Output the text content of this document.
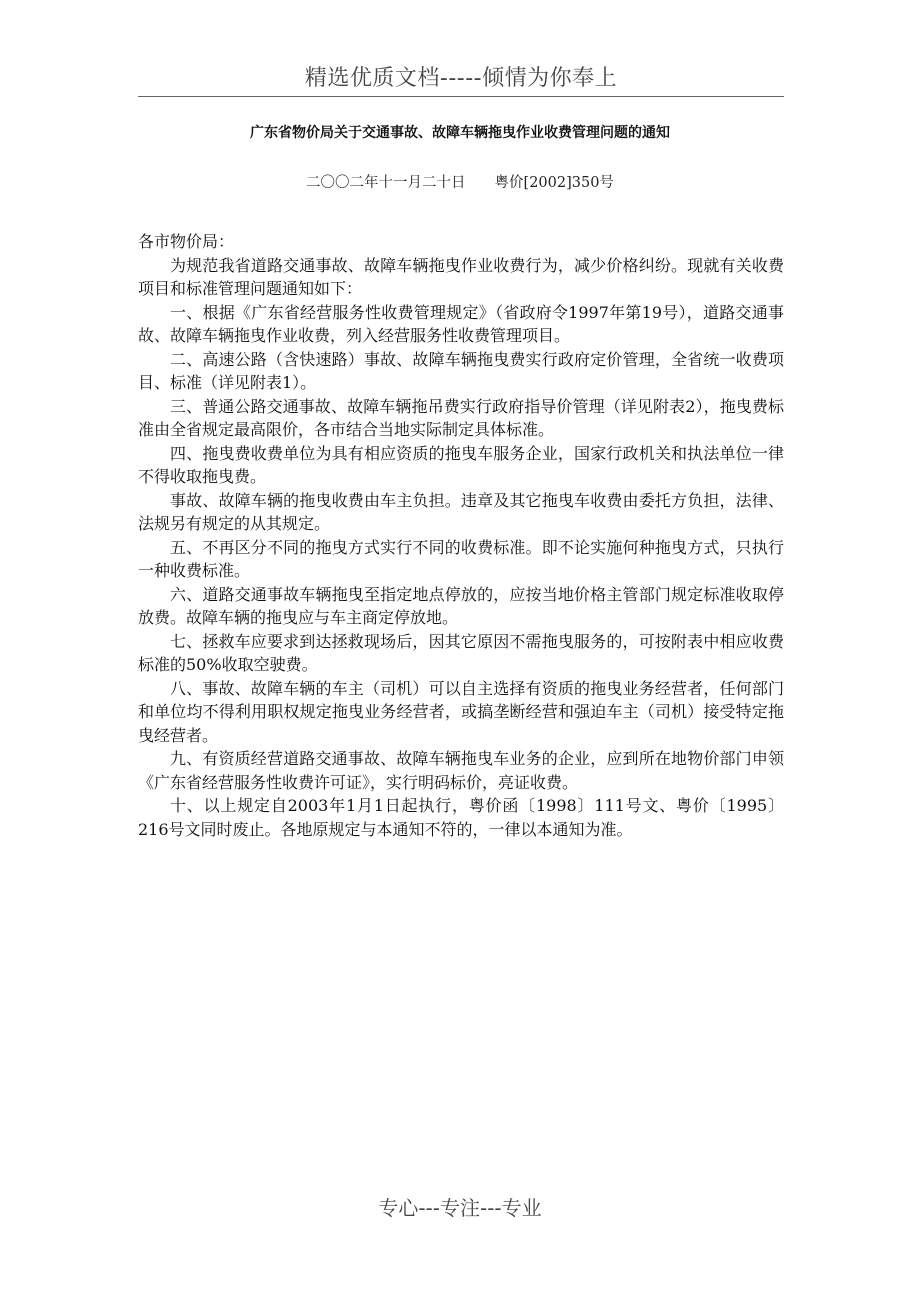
精选优质文档-----倾情为你奉上
广东省物价局关于交通事故、故障车辆拖曳作业收费管理问题的通知
二〇〇二年十一月二十日　　粤价[2002]350号

各市物价局：

为规范我省道路交通事故、故障车辆拖曳作业收费行为，减少价格纠纷。现就有关收费项目和标准管理问题通知如下：

一、根据《广东省经营服务性收费管理规定》（省政府令1997年第19号），道路交通事故、故障车辆拖曳作业收费，列入经营服务性收费管理项目。

二、高速公路（含快速路）事故、故障车辆拖曳费实行政府定价管理，全省统一收费项目、标准（详见附表1）。

三、普通公路交通事故、故障车辆拖吊费实行政府指导价管理（详见附表2），拖曳费标准由全省规定最高限价，各市结合当地实际制定具体标准。

四、拖曳费收费单位为具有相应资质的拖曳车服务企业，国家行政机关和执法单位一律不得收取拖曳费。

事故、故障车辆的拖曳收费由车主负担。违章及其它拖曳车收费由委托方负担，法律、法规另有规定的从其规定。

五、不再区分不同的拖曳方式实行不同的收费标准。即不论实施何种拖曳方式，只执行一种收费标准。

六、道路交通事故车辆拖曳至指定地点停放的，应按当地价格主管部门规定标准收取停放费。故障车辆的拖曳应与车主商定停放地。

七、拯救车应要求到达拯救现场后，因其它原因不需拖曳服务的，可按附表中相应收费标准的50%收取空驶费。

八、事故、故障车辆的车主（司机）可以自主选择有资质的拖曳业务经营者，任何部门和单位均不得利用职权规定拖曳业务经营者，或搞垄断经营和强迫车主（司机）接受特定拖曳经营者。

九、有资质经营道路交通事故、故障车辆拖曳车业务的企业，应到所在地物价部门申领《广东省经营服务性收费许可证》，实行明码标价，亮证收费。

十、以上规定自2003年1月1日起执行，粤价函〔1998〕111号文、粤价〔1995〕216号文同时废止。各地原规定与本通知不符的，一律以本通知为准。

专心---专注---专业
